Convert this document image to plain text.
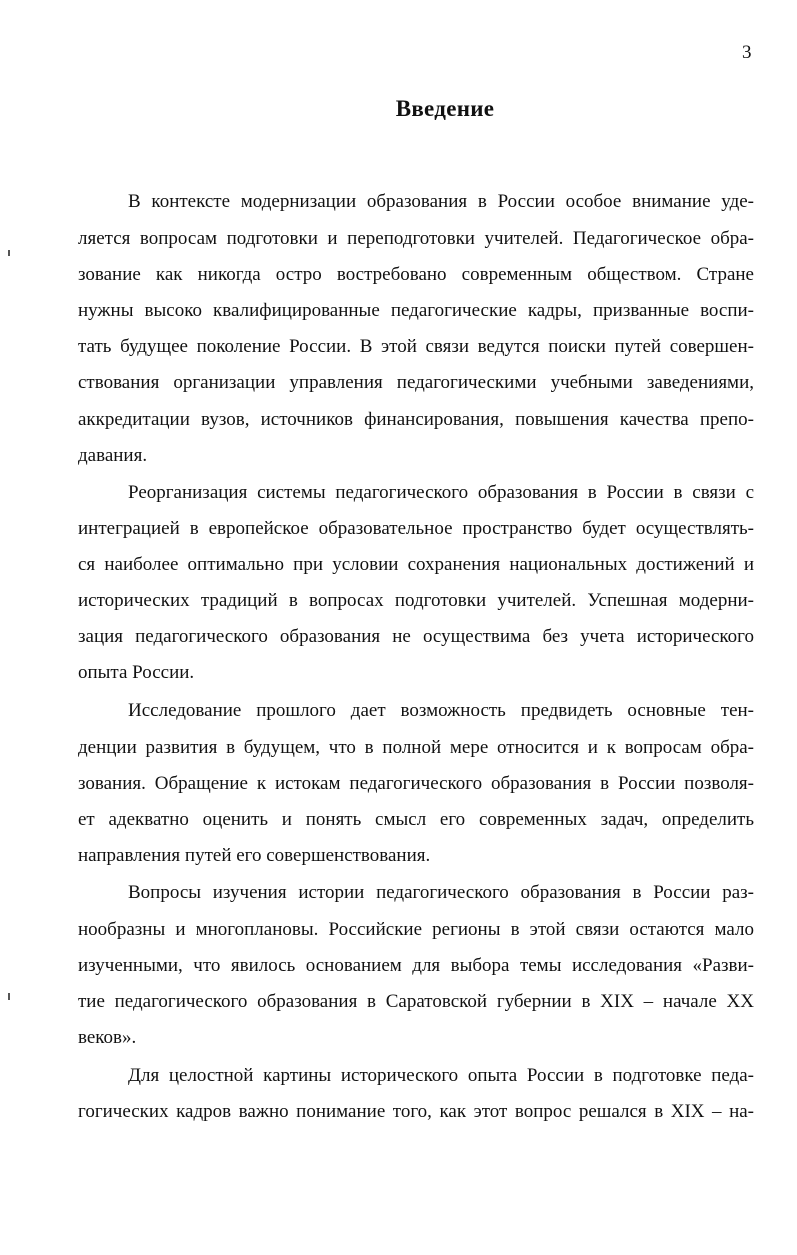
3
Введение
В контексте модернизации образования в России особое внимание уде-
ляется вопросам подготовки и переподготовки учителей. Педагогическое обра-
зование как никогда остро востребовано современным обществом. Стране
нужны высоко квалифицированные педагогические кадры, призванные воспи-
тать будущее поколение России. В этой связи ведутся поиски путей совершен-
ствования организации управления педагогическими учебными заведениями,
аккредитации вузов, источников финансирования, повышения качества препо-
давания.
Реорганизация системы педагогического образования в России в связи с
интеграцией в европейское образовательное пространство будет осуществлять-
ся наиболее оптимально при условии сохранения национальных достижений и
исторических традиций в вопросах подготовки учителей. Успешная модерни-
зация педагогического образования не осуществима без учета исторического
опыта России.
Исследование прошлого дает возможность предвидеть основные тен-
денции развития в будущем, что в полной мере относится и к вопросам обра-
зования. Обращение к истокам педагогического образования в России позволя-
ет адекватно оценить и понять смысл его современных задач, определить
направления путей его совершенствования.
Вопросы изучения истории педагогического образования в России раз-
нообразны и многоплановы. Российские регионы в этой связи остаются мало
изученными, что явилось основанием для выбора темы исследования «Разви-
тие педагогического образования в Саратовской губернии в XIX – начале XX
веков».
Для целостной картины исторического опыта России в подготовке педа-
гогических кадров важно понимание того, как этот вопрос решался в XIX – на-
